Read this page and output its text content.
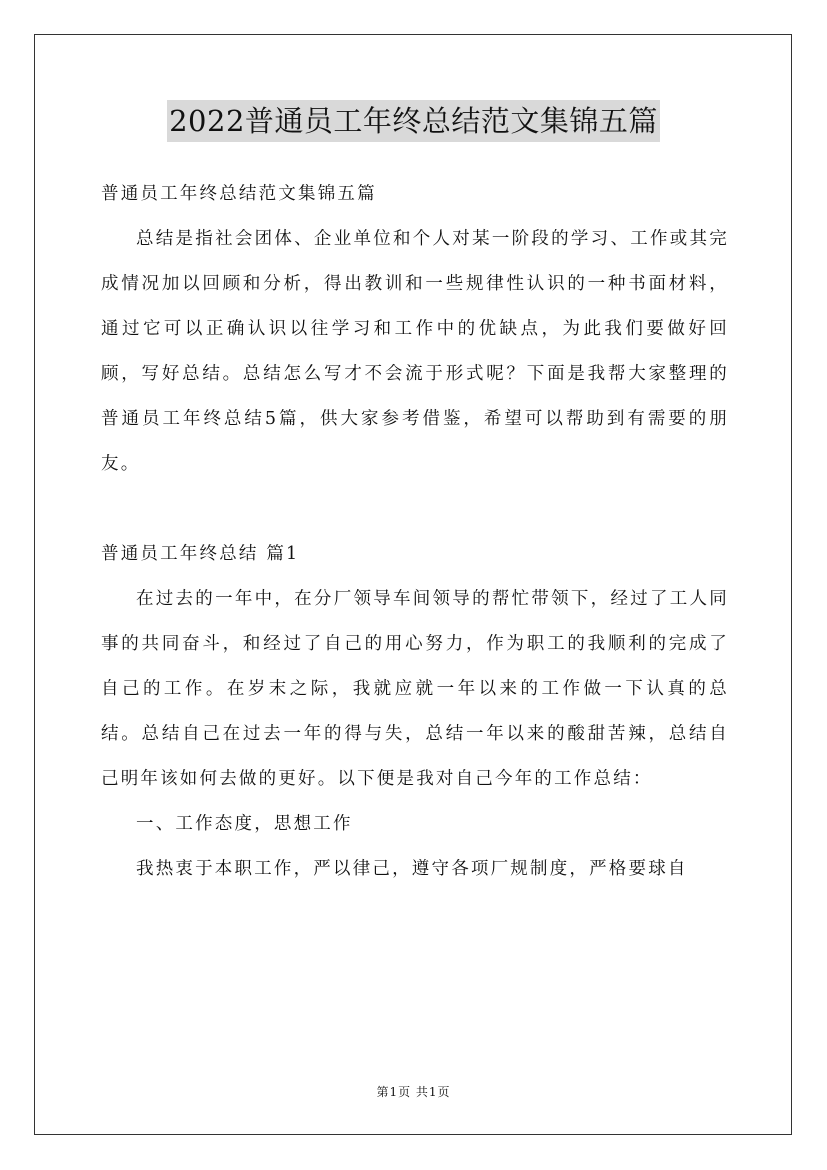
2022普通员工年终总结范文集锦五篇

普通员工年终总结范文集锦五篇

总结是指社会团体、企业单位和个人对某一阶段的学习、工作或其完成情况加以回顾和分析，得出教训和一些规律性认识的一种书面材料，通过它可以正确认识以往学习和工作中的优缺点，为此我们要做好回顾，写好总结。总结怎么写才不会流于形式呢？下面是我帮大家整理的普通员工年终总结5篇，供大家参考借鉴，希望可以帮助到有需要的朋友。

普通员工年终总结 篇1

在过去的一年中，在分厂领导车间领导的帮忙带领下，经过了工人同事的共同奋斗，和经过了自己的用心努力，作为职工的我顺利的完成了自己的工作。在岁末之际，我就应就一年以来的工作做一下认真的总结。总结自己在过去一年的得与失，总结一年以来的酸甜苦辣，总结自己明年该如何去做的更好。以下便是我对自己今年的工作总结：

一、工作态度，思想工作

我热衷于本职工作，严以律己，遵守各项厂规制度，严格要球自

第1页 共1页
